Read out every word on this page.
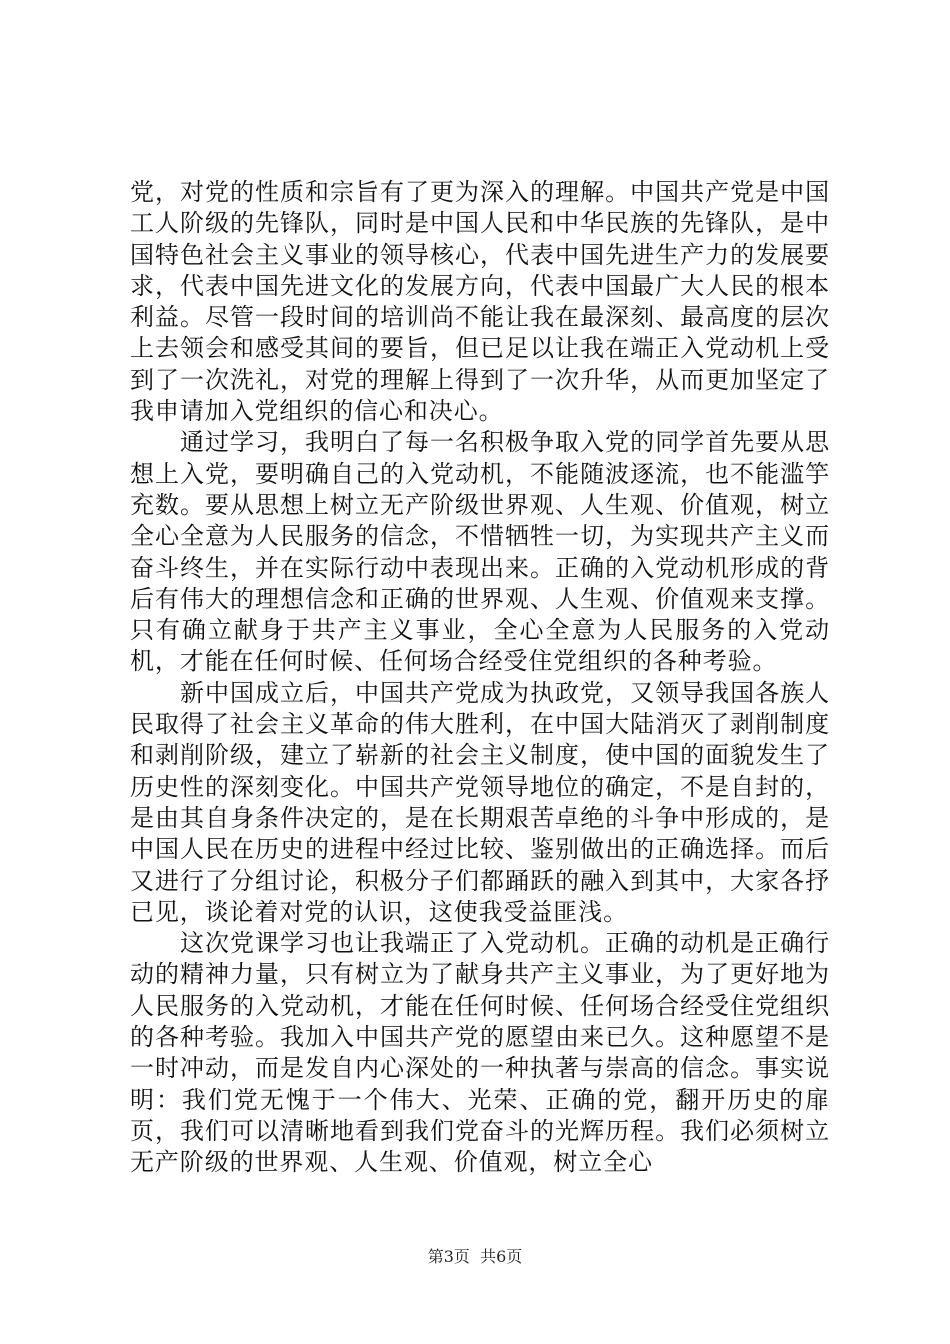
党，对党的性质和宗旨有了更为深入的理解。中国共产党是中国工人阶级的先锋队，同时是中国人民和中华民族的先锋队，是中国特色社会主义事业的领导核心，代表中国先进生产力的发展要求，代表中国先进文化的发展方向，代表中国最广大人民的根本利益。尽管一段时间的培训尚不能让我在最深刻、最高度的层次上去领会和感受其间的要旨，但已足以让我在端正入党动机上受到了一次洗礼，对党的理解上得到了一次升华，从而更加坚定了我申请加入党组织的信心和决心。

通过学习，我明白了每一名积极争取入党的同学首先要从思想上入党，要明确自己的入党动机，不能随波逐流，也不能滥竽充数。要从思想上树立无产阶级世界观、人生观、价值观，树立全心全意为人民服务的信念，不惜牺牲一切，为实现共产主义而奋斗终生，并在实际行动中表现出来。正确的入党动机形成的背后有伟大的理想信念和正确的世界观、人生观、价值观来支撑。只有确立献身于共产主义事业，全心全意为人民服务的入党动机，才能在任何时候、任何场合经受住党组织的各种考验。

新中国成立后，中国共产党成为执政党，又领导我国各族人民取得了社会主义革命的伟大胜利，在中国大陆消灭了剥削制度和剥削阶级，建立了崭新的社会主义制度，使中国的面貌发生了历史性的深刻变化。中国共产党领导地位的确定，不是自封的，是由其自身条件决定的，是在长期艰苦卓绝的斗争中形成的，是中国人民在历史的进程中经过比较、鉴别做出的正确选择。而后又进行了分组讨论，积极分子们都踊跃的融入到其中，大家各抒已见，谈论着对党的认识，这使我受益匪浅。

这次党课学习也让我端正了入党动机。正确的动机是正确行动的精神力量，只有树立为了献身共产主义事业，为了更好地为人民服务的入党动机，才能在任何时候、任何场合经受住党组织的各种考验。我加入中国共产党的愿望由来已久。这种愿望不是一时冲动，而是发自内心深处的一种执著与崇高的信念。事实说明：我们党无愧于一个伟大、光荣、正确的党，翻开历史的扉页，我们可以清晰地看到我们党奋斗的光辉历程。我们必须树立无产阶级的世界观、人生观、价值观，树立全心

第3页  共6页
